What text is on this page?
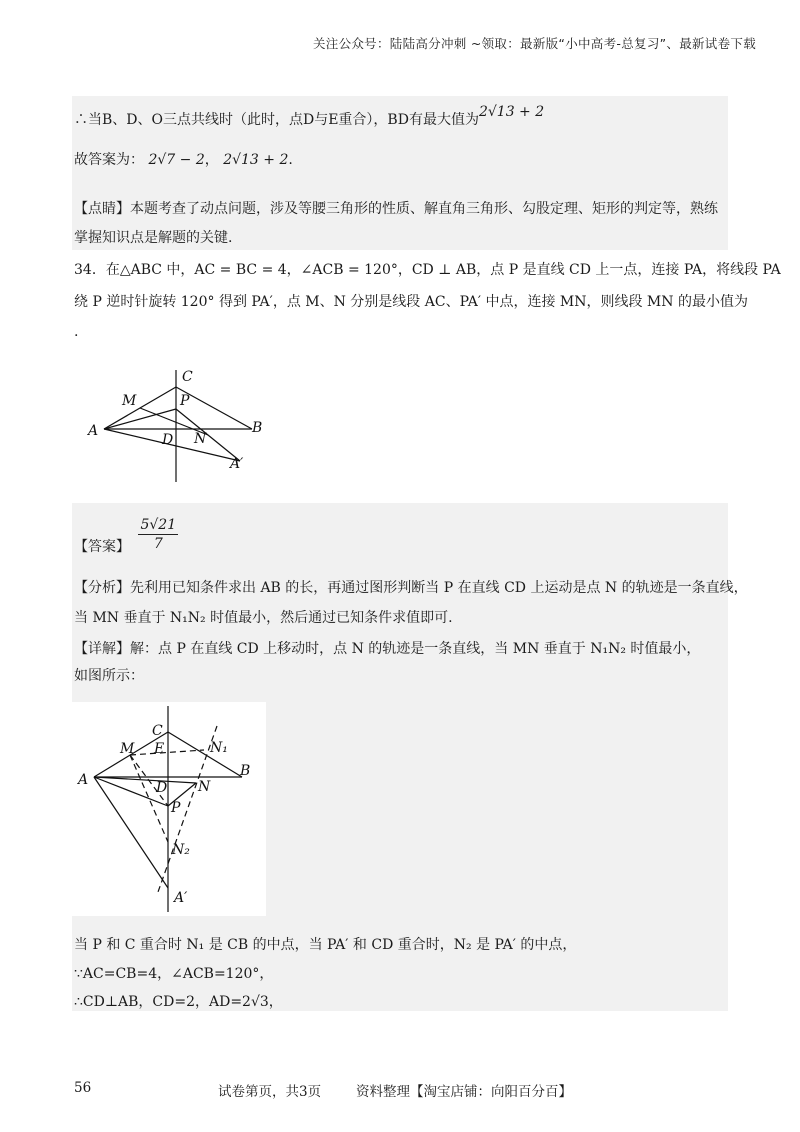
关注公众号：陆陆高分冲刺 ~领取：最新版“小中高考-总复习”、最新试卷下载
∴当B、D、O三点共线时（此时，点D与E重合），BD有最大值为2√13 + 2
故答案为： 2√7 − 2， 2√13 + 2.
【点睛】本题考查了动点问题，涉及等腰三角形的性质、解直角三角形、勾股定理、矩形的判定等，熟练
掌握知识点是解题的关键.
34．在△ABC 中，AC = BC = 4，∠ACB = 120°，CD ⊥ AB，点 P 是直线 CD 上一点，连接 PA，将线段 PA
绕 P 逆时针旋转 120° 得到 PA′，点 M、N 分别是线段 AC、PA′ 中点，连接 MN，则线段 MN 的最小值为
.
C
M	P
A
D N
B
A′
【答案】 $\frac{5√21}{7}$
【分析】先利用已知条件求出 AB 的长，再通过图形判断当 P 在直线 CD 上运动是点 N 的轨迹是一条直线，
当 MN 垂直于 N₁N₂ 时值最小，然后通过已知条件求值即可.
【详解】解：点 P 在直线 CD 上移动时，点 N 的轨迹是一条直线，当 MN 垂直于 N₁N₂ 时值最小，
如图所示：
C
M E	N₁
A
B
D N
P
N₂
A′
当 P 和 C 重合时 N₁ 是 CB 的中点，当 PA′ 和 CD 重合时，N₂ 是 PA′ 的中点，
∵AC=CB=4，∠ACB=120°，
∴CD⊥AB，CD=2，AD=2√3，
56	试卷第页，共3页	资料整理【淘宝店铺：向阳百分百】
